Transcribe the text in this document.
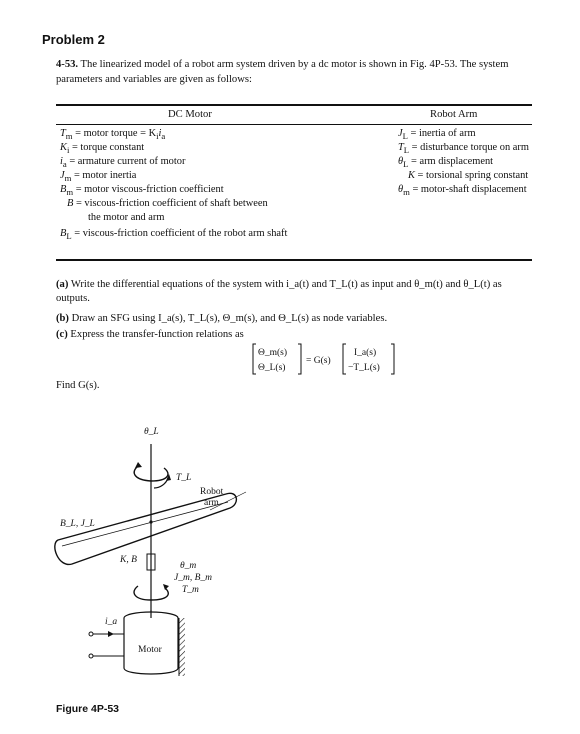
Problem 2
4-53. The linearized model of a robot arm system driven by a dc motor is shown in Fig. 4P-53. The system parameters and variables are given as follows:
DC Motor	Robot Arm
$T_m$ = motor torque = $K_ii_a$
$K_i$ = torque constant
$i_a$ = armature current of motor
$J_m$ = motor inertia
$B_m$ = motor viscous-friction coefficient
B = viscous-friction coefficient of shaft between
the motor and arm
$B_L$ = viscous-friction coefficient of the robot arm shaft
$J_L$ = inertia of arm
$T_L$ = disturbance torque on arm
$\theta_L$ = arm displacement
K = torsional spring constant
$\theta_m$ = motor-shaft displacement
(a) Write the differential equations of the system with i_a(t) and T_L(t) as input and θ_m(t) and θ_L(t) as outputs.
(b) Draw an SFG using I_a(s), T_L(s), Θ_m(s), and Θ_L(s) as node variables.
(c) Express the transfer-function relations as
Θ_m(s)
Θ_L(s)
= G(s)
I_a(s)
−T_L(s)
Find G(s).
θ_L
T_L
Robot
arm
B_L, J_L
K, B
θ_m
J_m, B_m
T_m
i_a
Motor
Figure 4P-53
